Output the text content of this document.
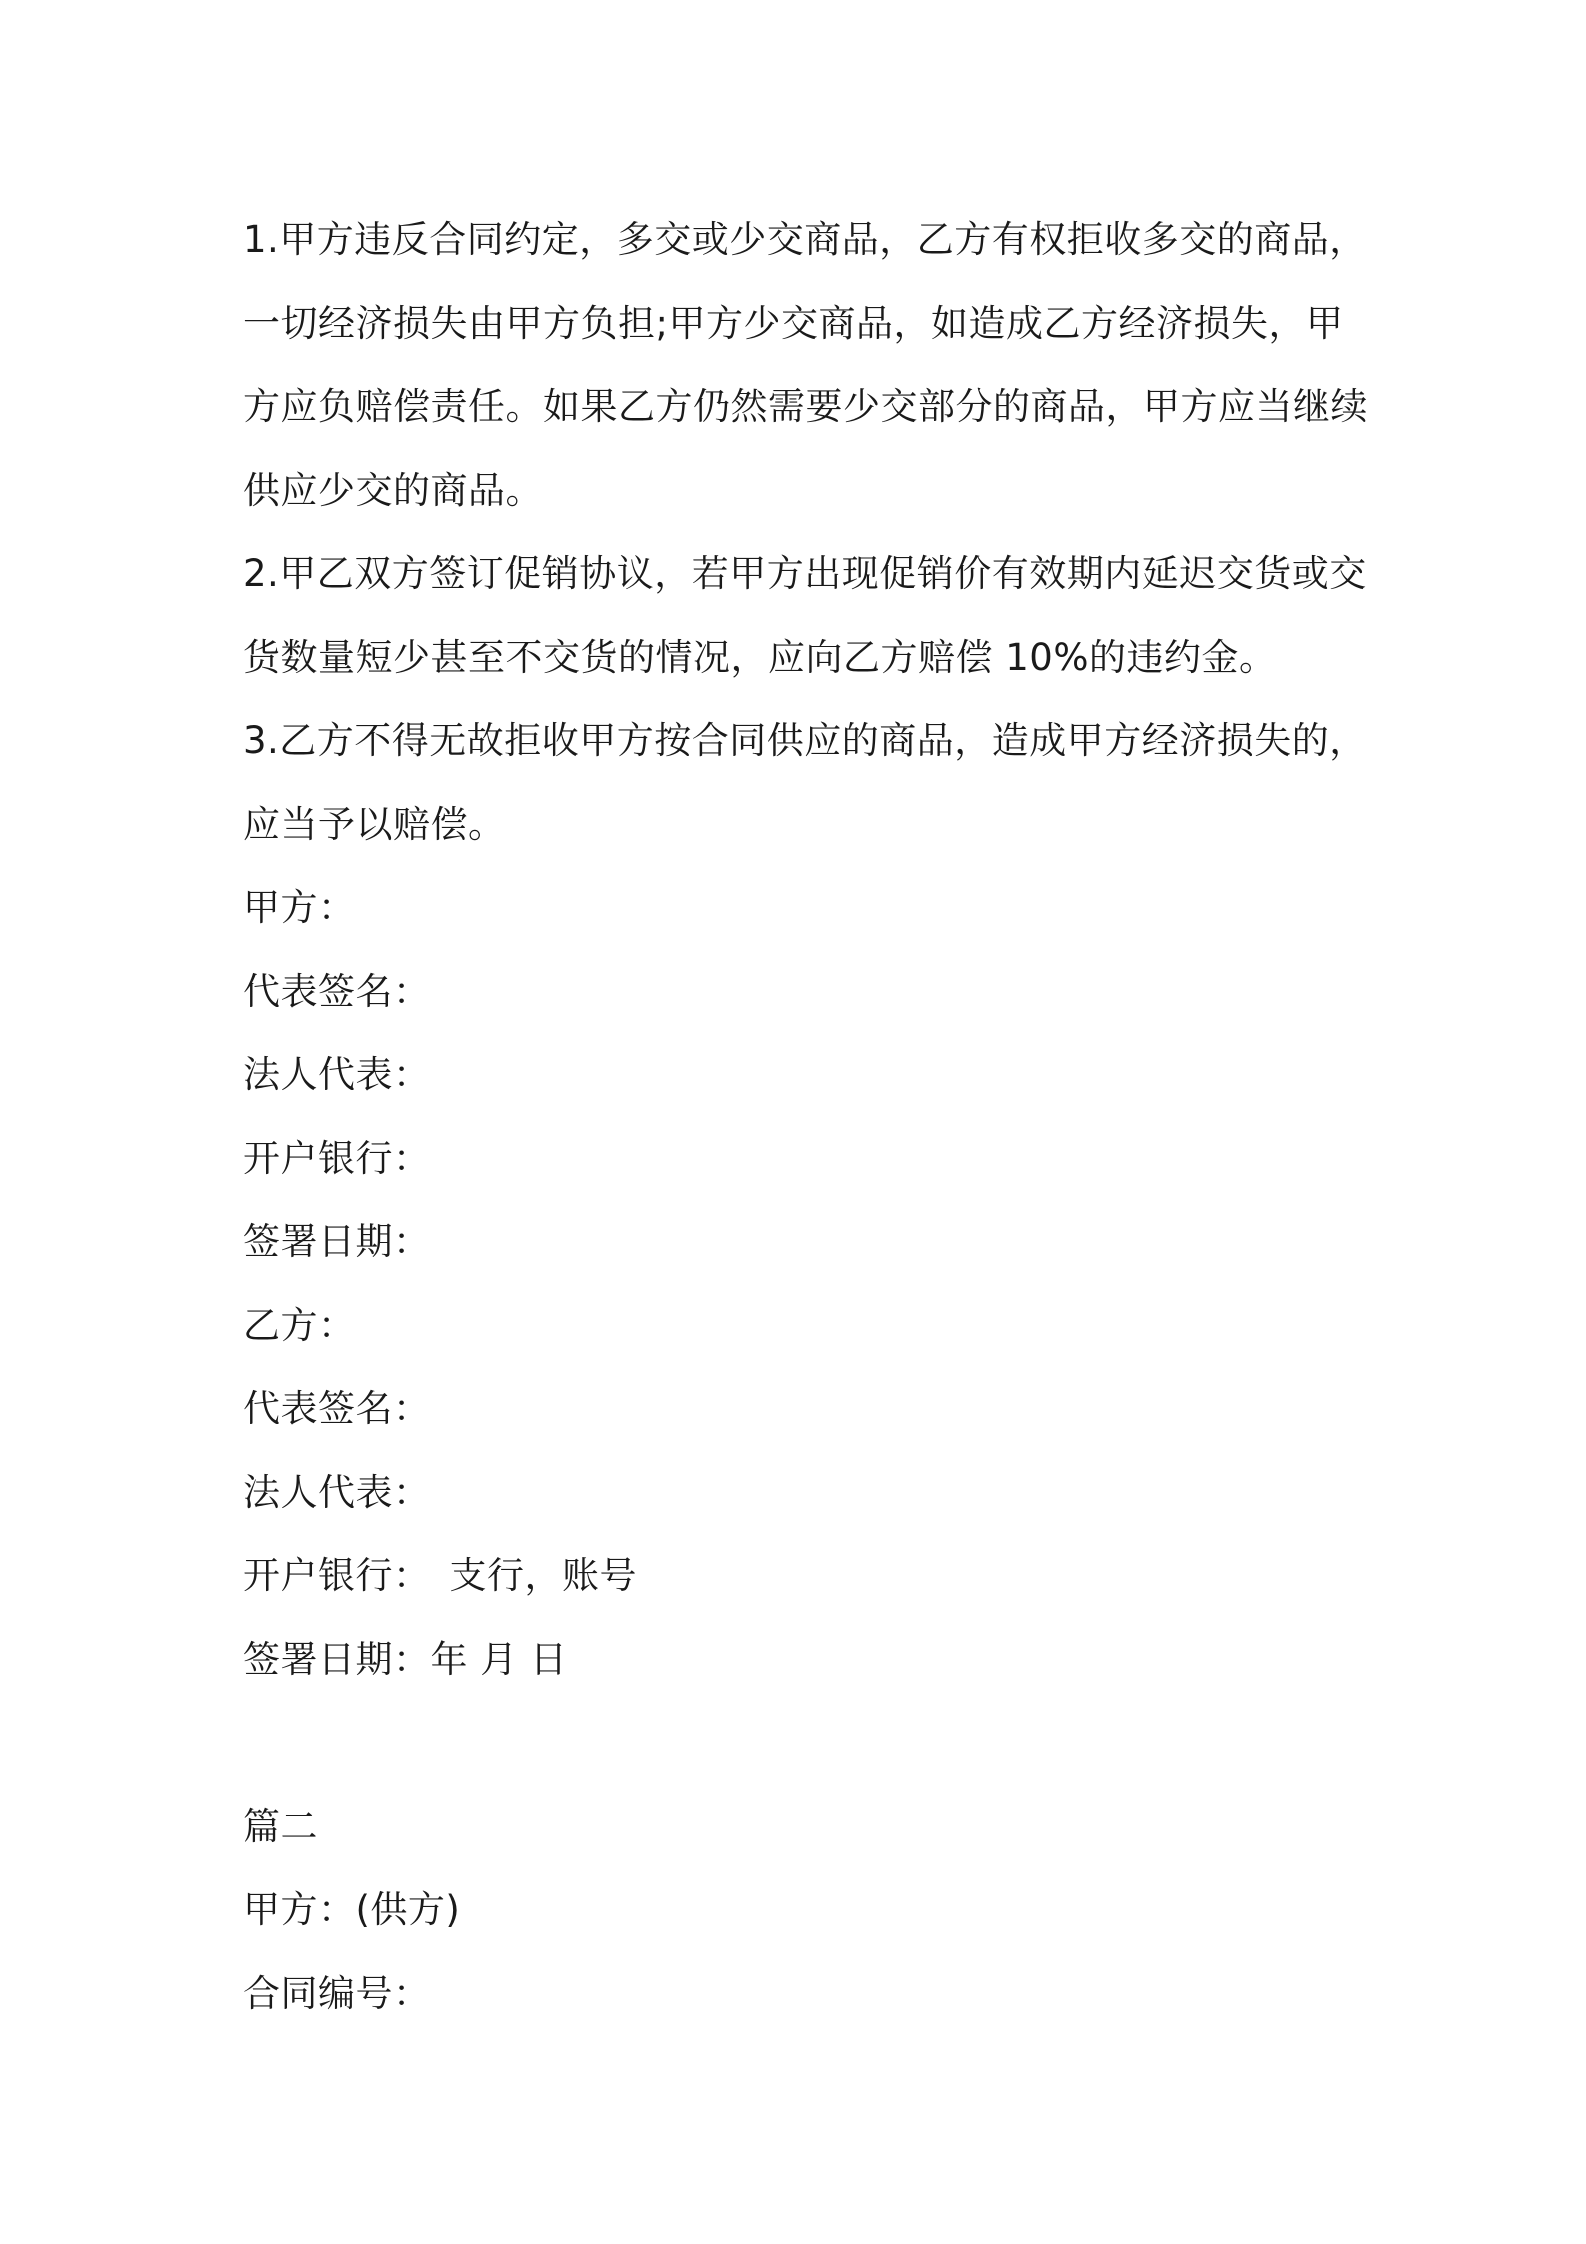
1.甲方违反合同约定，多交或少交商品，乙方有权拒收多交的商品，
一切经济损失由甲方负担;甲方少交商品，如造成乙方经济损失，甲
方应负赔偿责任。如果乙方仍然需要少交部分的商品，甲方应当继续
供应少交的商品。
2.甲乙双方签订促销协议，若甲方出现促销价有效期内延迟交货或交
货数量短少甚至不交货的情况，应向乙方赔偿 10%的违约金。
3.乙方不得无故拒收甲方按合同供应的商品，造成甲方经济损失的，
应当予以赔偿。
甲方：
代表签名：
法人代表：
开户银行：
签署日期：
乙方：
代表签名：
法人代表：
开户银行：　支行，账号
签署日期：年 月 日
篇二
甲方：(供方)
合同编号：
